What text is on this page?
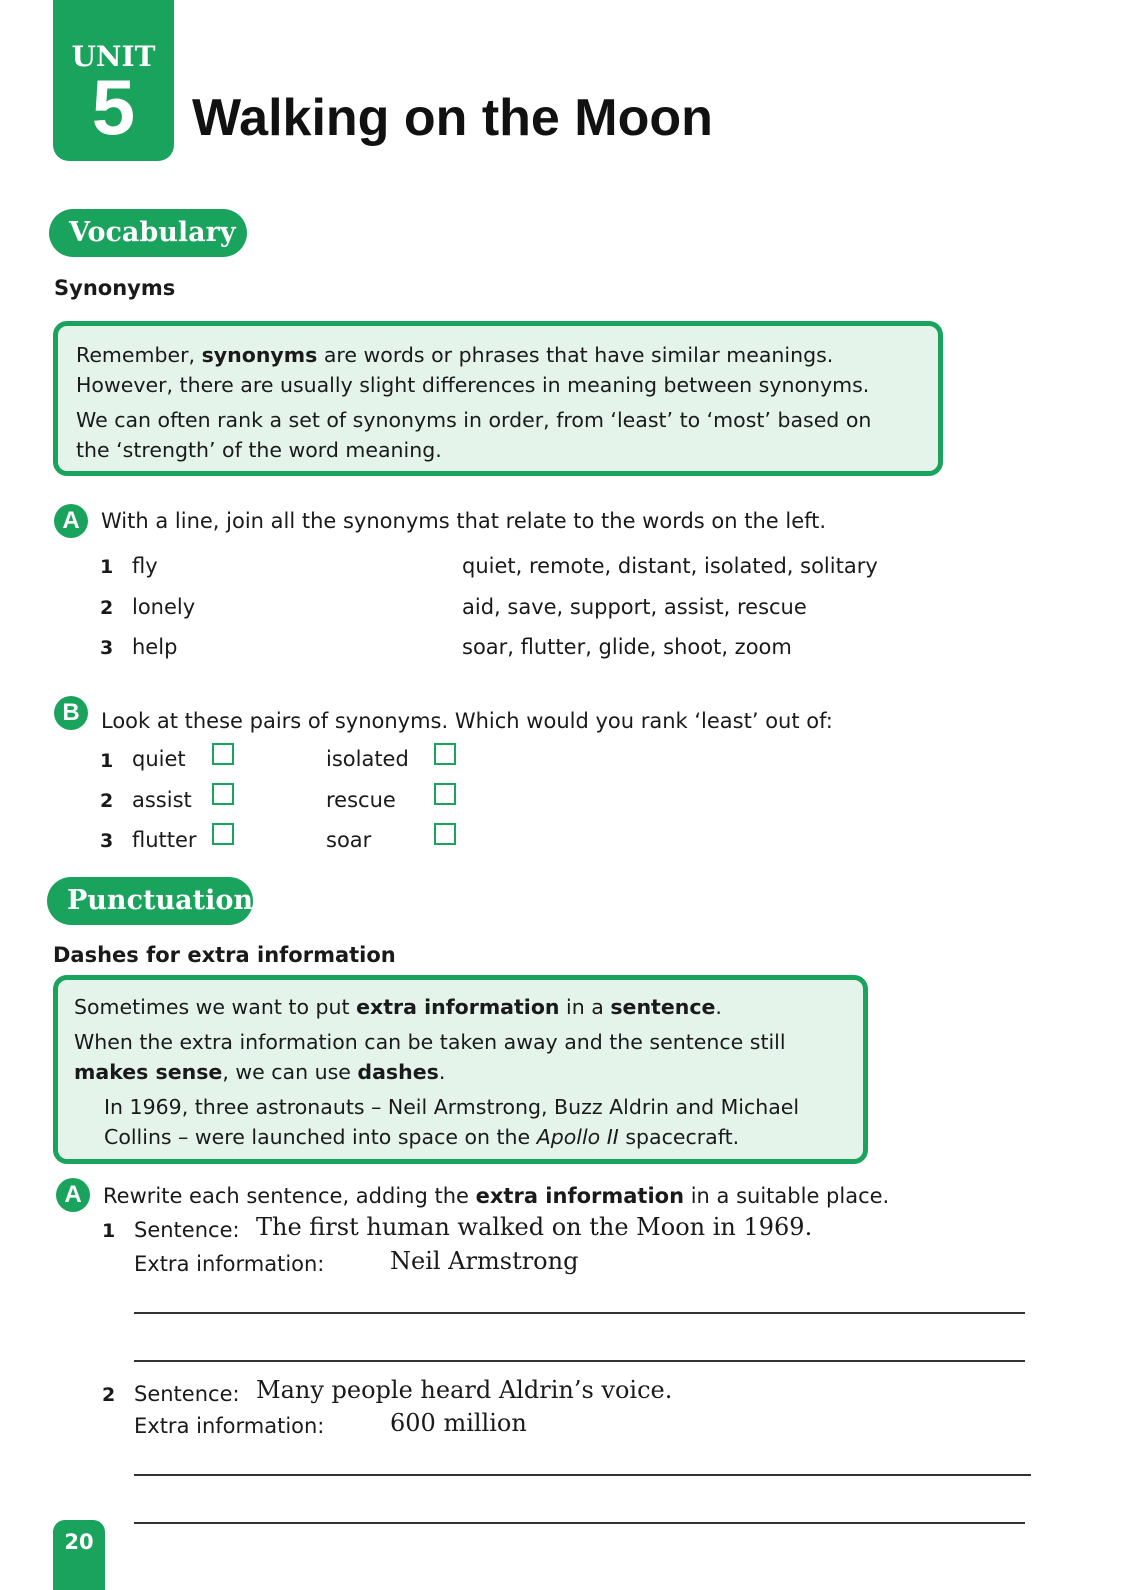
UNIT
5	Walking on the Moon
Vocabulary
Synonyms
Remember, synonyms are words or phrases that have similar meanings.
However, there are usually slight differences in meaning between synonyms.
We can often rank a set of synonyms in order, from ‘least’ to ‘most’ based on
the ‘strength’ of the word meaning.
A	With a line, join all the synonyms that relate to the words on the left.
1 fly	quiet, remote, distant, isolated, solitary
2 lonely	aid, save, support, assist, rescue
3 help	soar, flutter, glide, shoot, zoom
B	Look at these pairs of synonyms. Which would you rank ‘least’ out of:
1 quiet	isolated
2 assist	rescue
3 flutter	soar
Punctuation
Dashes for extra information
Sometimes we want to put extra information in a sentence.
When the extra information can be taken away and the sentence still
makes sense, we can use dashes.
In 1969, three astronauts – Neil Armstrong, Buzz Aldrin and Michael
Collins – were launched into space on the Apollo II spacecraft.
A	Rewrite each sentence, adding the extra information in a suitable place.
1 Sentence: The first human walked on the Moon in 1969.
Extra information:	Neil Armstrong
2 Sentence: Many people heard Aldrin’s voice.
Extra information:	600 million
20
